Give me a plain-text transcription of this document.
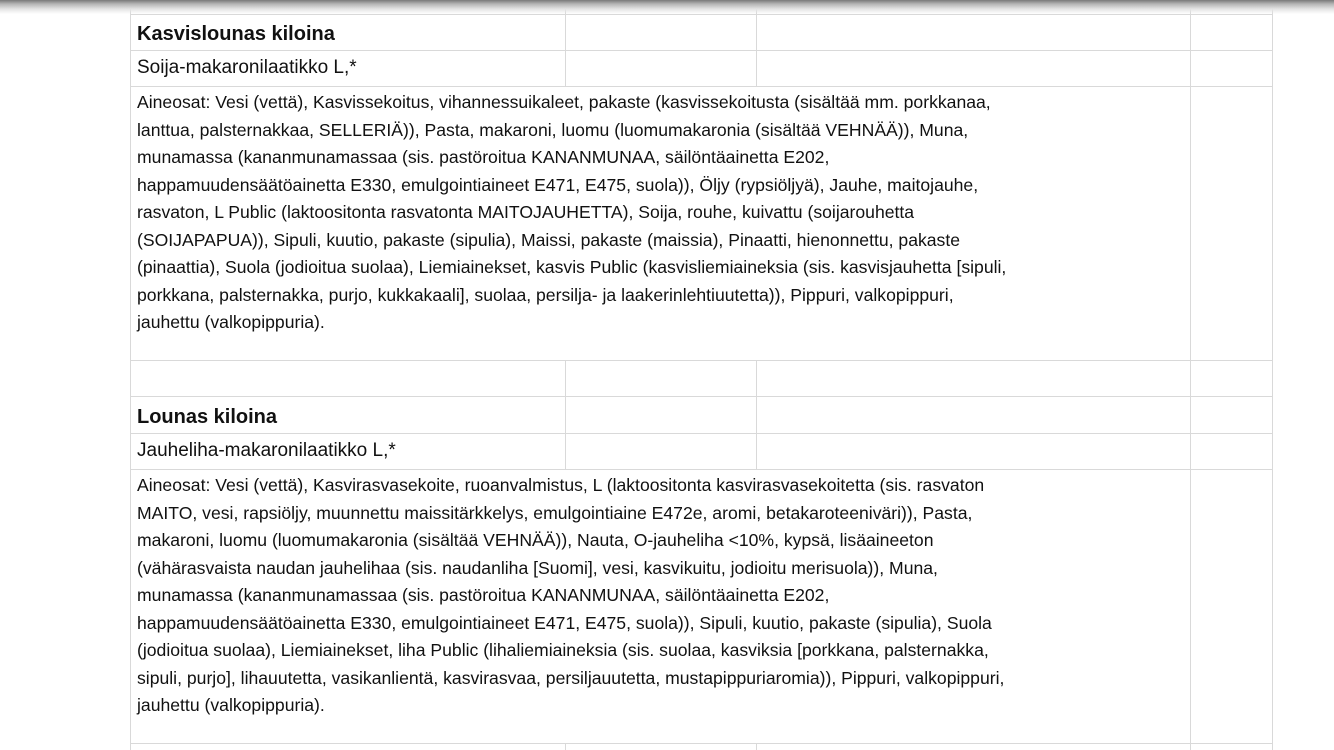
Kasvislounas kiloina
Soija-makaronilaatikko L,*
Aineosat: Vesi (vettä), Kasvissekoitus, vihannessuikaleet, pakaste (kasvissekoitusta (sisältää mm. porkkanaa,
lanttua, palsternakkaa, SELLERIÄ)), Pasta, makaroni, luomu (luomumakaronia (sisältää VEHNÄÄ)), Muna,
munamassa (kananmunamassaa (sis. pastöroitua KANANMUNAA, säilöntäainetta E202,
happamuudensäätöainetta E330, emulgointiaineet E471, E475, suola)), Öljy (rypsiöljyä), Jauhe, maitojauhe,
rasvaton, L Public (laktoositonta rasvatonta MAITOJAUHETTA), Soija, rouhe, kuivattu (soijarouhetta
(SOIJAPAPUA)), Sipuli, kuutio, pakaste (sipulia), Maissi, pakaste (maissia), Pinaatti, hienonnettu, pakaste
(pinaattia), Suola (jodioitua suolaa), Liemiainekset, kasvis Public (kasvisliemiaineksia (sis. kasvisjauhetta [sipuli,
porkkana, palsternakka, purjo, kukkakaali], suolaa, persilja- ja laakerinlehtiuutetta)), Pippuri, valkopippuri,
jauhettu (valkopippuria).
Lounas kiloina
Jauheliha-makaronilaatikko L,*
Aineosat: Vesi (vettä), Kasvirasvasekoite, ruoanvalmistus, L (laktoositonta kasvirasvasekoitetta (sis. rasvaton
MAITO, vesi, rapsiöljy, muunnettu maissitärkkelys, emulgointiaine E472e, aromi, betakaroteeniväri)), Pasta,
makaroni, luomu (luomumakaronia (sisältää VEHNÄÄ)), Nauta, O-jauheliha <10%, kypsä, lisäaineeton
(vähärasvaista naudan jauhelihaa (sis. naudanliha [Suomi], vesi, kasvikuitu, jodioitu merisuola)), Muna,
munamassa (kananmunamassaa (sis. pastöroitua KANANMUNAA, säilöntäainetta E202,
happamuudensäätöainetta E330, emulgointiaineet E471, E475, suola)), Sipuli, kuutio, pakaste (sipulia), Suola
(jodioitua suolaa), Liemiainekset, liha Public (lihaliemiaineksia (sis. suolaa, kasviksia [porkkana, palsternakka,
sipuli, purjo], lihauutetta, vasikanlientä, kasvirasvaa, persiljauutetta, mustapippuriaromia)), Pippuri, valkopippuri,
jauhettu (valkopippuria).
